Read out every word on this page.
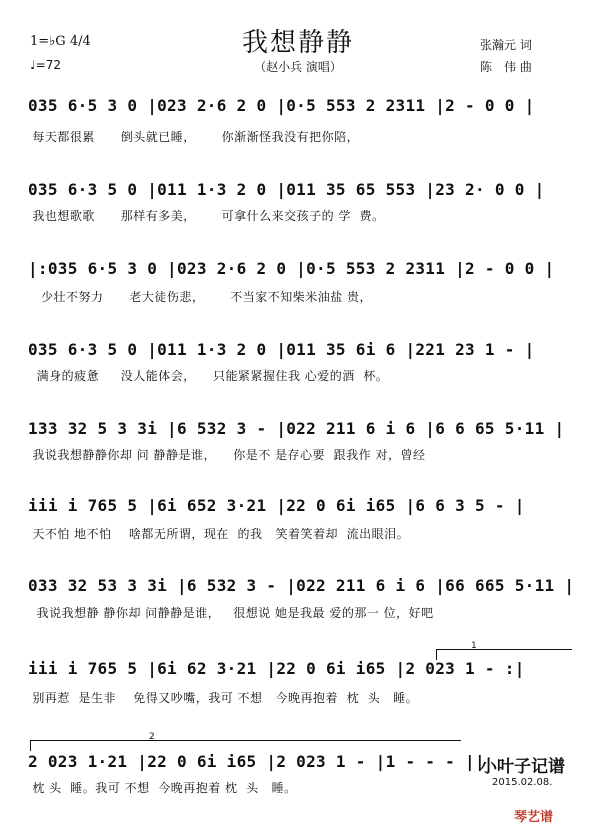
我想静静
（赵小兵 演唱）
1=♭G 4/4
♩=72
张瀚元 词
陈　伟 曲
035 6·5 3 0 |023 2·6 2 0 |0·5 553 2 2311 |2 - 0 0 |
每天都很累      倒头就已睡，      你渐渐怪我没有把你陪，
035 6·3 5 0 |011 1·3 2 0 |011 35 65 553 |23 2· 0 0 |
我也想歌歌      那样有多美，      可拿什么来交孩子的 学  费。
|:035 6·5 3 0 |023 2·6 2 0 |0·5 553 2 2311 |2 - 0 0 |
少壮不努力      老大徒伤悲，      不当家不知柴米油盐 贵，
035 6·3 5 0 |011 1·3 2 0 |011 35 6i 6 |221 23 1 - |
满身的疲惫     没人能体会，    只能紧紧握住我 心爱的酒  杯。
133 32 5 3 3i |6 532 3 - |022 211 6 i 6 |6 6 65 5·11 |
我说我想静静你却 问 静静是谁，    你是不 是存心要  跟我作 对，曾经
iii i 765 5 |6i 652 3·21 |22 0 6i i65 |6 6 3 5 - |
天不怕 地不怕    啥都无所谓，现在  的我   笑着笑着却  流出眼泪。
033 32 53 3 3i |6 532 3 - |022 211 6 i 6 |66 665 5·11 |
我说我想静 静你却 问静静是谁，   很想说 她是我最 爱的那一 位，好吧
1
iii i 765 5 |6i 62 3·21 |22 0 6i i65 |2 023 1 - :|
别再惹  是生非    免得又吵嘴，我可 不想   今晚再抱着  枕  头   睡。
2
2 023 1·21 |22 0 6i i65 |2 023 1 - |1 - - - ||
枕 头  睡。我可 不想  今晚再抱着 枕  头   睡。
小叶子记谱
2015.02.08.
琴艺谱
